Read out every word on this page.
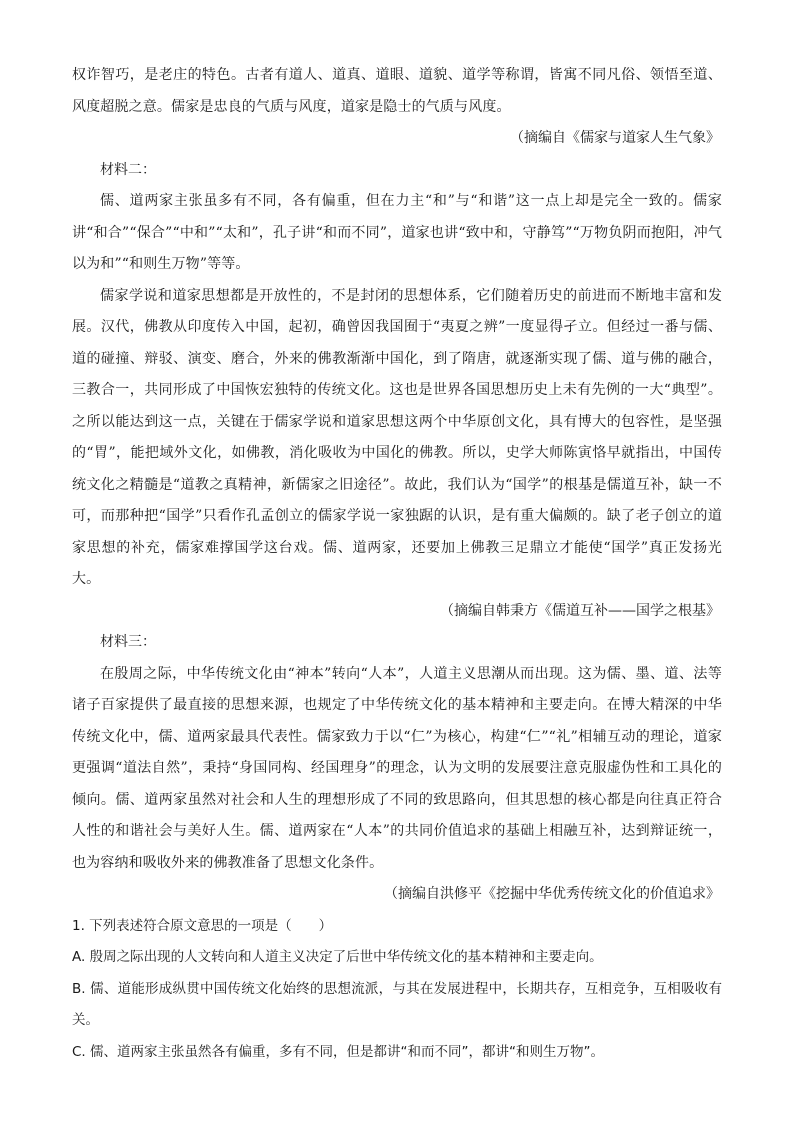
权诈智巧，是老庄的特色。古者有道人、道真、道眼、道貌、道学等称谓，皆寓不同凡俗、领悟至道、风度超脱之意。儒家是忠良的气质与风度，道家是隐士的气质与风度。

（摘编自《儒家与道家人生气象》

材料二：

儒、道两家主张虽多有不同，各有偏重，但在力主“和”与“和谐”这一点上却是完全一致的。儒家讲“和合”“保合”“中和”“太和”，孔子讲“和而不同”，道家也讲“致中和，守静笃”“万物负阴而抱阳，冲气以为和”“和则生万物”等等。

儒家学说和道家思想都是开放性的，不是封闭的思想体系，它们随着历史的前进而不断地丰富和发展。汉代，佛教从印度传入中国，起初，确曾因我国囿于“夷夏之辨”一度显得孑立。但经过一番与儒、道的碰撞、辩驳、演变、磨合，外来的佛教渐渐中国化，到了隋唐，就逐渐实现了儒、道与佛的融合，三教合一，共同形成了中国恢宏独特的传统文化。这也是世界各国思想历史上未有先例的一大“典型”。之所以能达到这一点，关键在于儒家学说和道家思想这两个中华原创文化，具有博大的包容性，是坚强的“胃”，能把域外文化，如佛教，消化吸收为中国化的佛教。所以，史学大师陈寅恪早就指出，中国传统文化之精髓是“道教之真精神，新儒家之旧途径”。故此，我们认为“国学”的根基是儒道互补，缺一不可，而那种把“国学”只看作孔孟创立的儒家学说一家独踞的认识，是有重大偏颇的。缺了老子创立的道家思想的补充，儒家难撑国学这台戏。儒、道两家，还要加上佛教三足鼎立才能使“国学”真正发扬光大。

（摘编自韩秉方《儒道互补——国学之根基》

材料三：

在殷周之际，中华传统文化由“神本”转向“人本”，人道主义思潮从而出现。这为儒、墨、道、法等诸子百家提供了最直接的思想来源，也规定了中华传统文化的基本精神和主要走向。在博大精深的中华传统文化中，儒、道两家最具代表性。儒家致力于以“仁”为核心，构建“仁”“礼”相辅互动的理论，道家更强调“道法自然”，秉持“身国同构、经国理身”的理念，认为文明的发展要注意克服虚伪性和工具化的倾向。儒、道两家虽然对社会和人生的理想形成了不同的致思路向，但其思想的核心都是向往真正符合人性的和谐社会与美好人生。儒、道两家在“人本”的共同价值追求的基础上相融互补，达到辩证统一，也为容纳和吸收外来的佛教准备了思想文化条件。

（摘编自洪修平《挖掘中华优秀传统文化的价值追求》

1. 下列表述符合原文意思的一项是（　　）

A. 殷周之际出现的人文转向和人道主义决定了后世中华传统文化的基本精神和主要走向。

B. 儒、道能形成纵贯中国传统文化始终的思想流派，与其在发展进程中，长期共存，互相竞争，互相吸收有关。

C. 儒、道两家主张虽然各有偏重，多有不同，但是都讲“和而不同”，都讲“和则生万物”。
